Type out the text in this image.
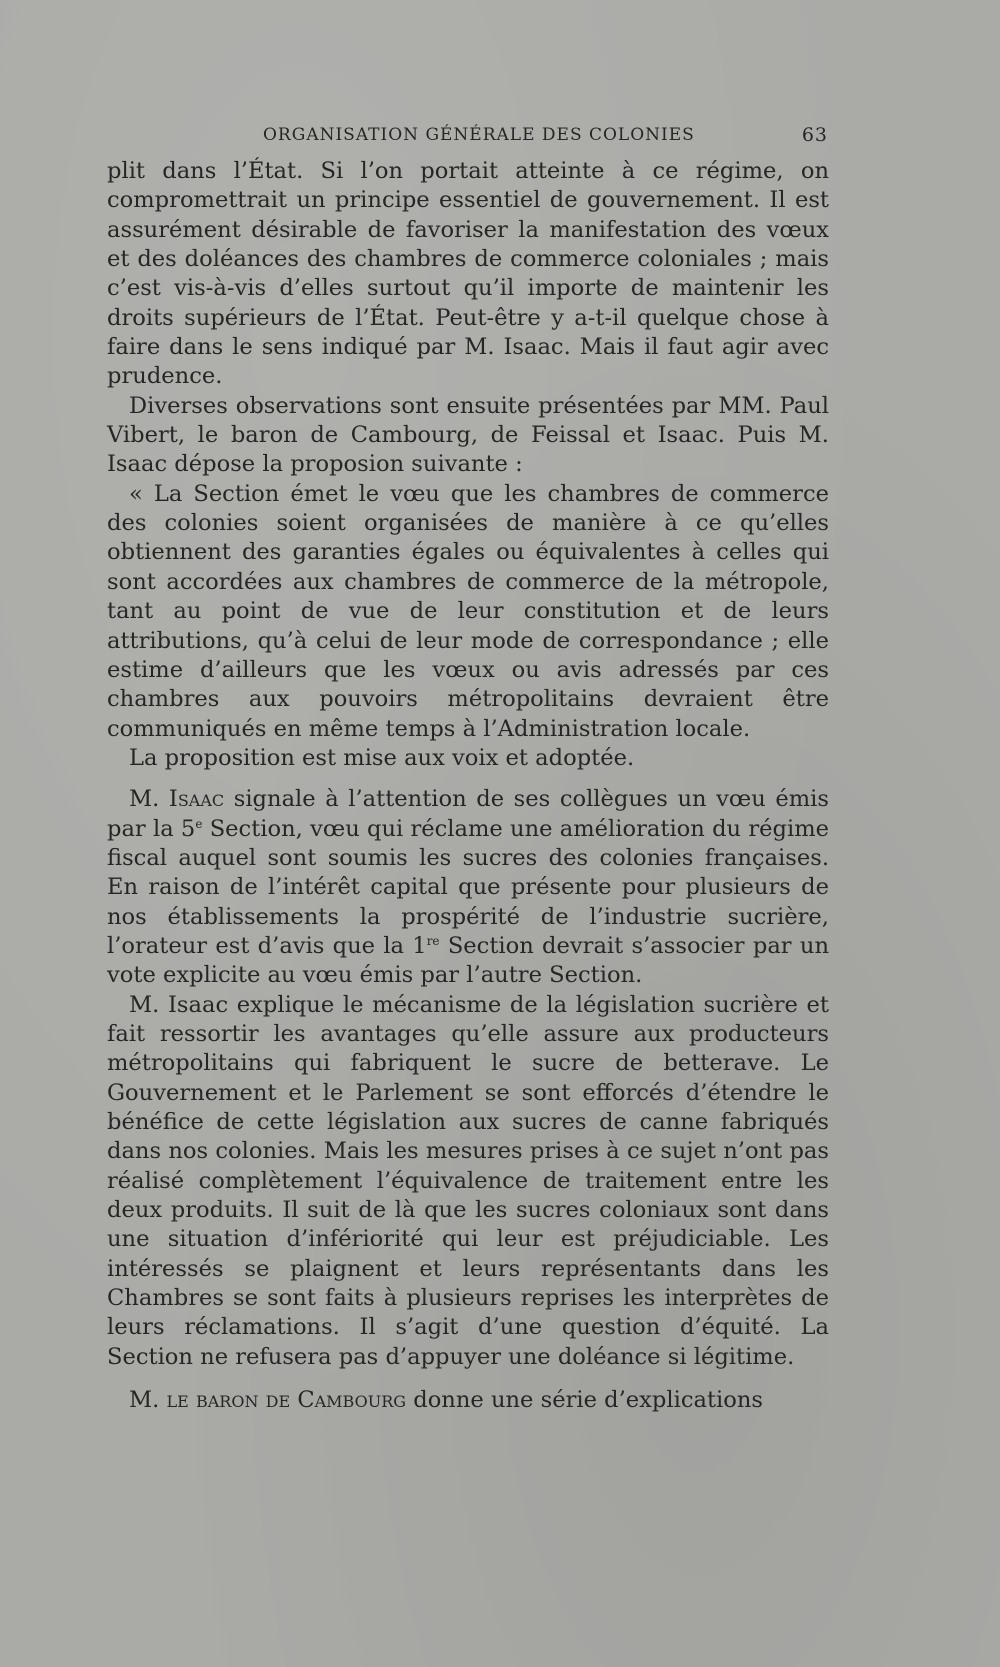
ORGANISATION GÉNÉRALE DES COLONIES	63

plit dans l’État. Si l’on portait atteinte à ce régime, on compromettrait un principe essentiel de gouvernement. Il est assurément désirable de favoriser la manifestation des vœux et des doléances des chambres de commerce coloniales ; mais c’est vis-à-vis d’elles surtout qu’il importe de maintenir les droits supérieurs de l’État. Peut-être y a-t-il quelque chose à faire dans le sens indiqué par M. Isaac. Mais il faut agir avec prudence.

Diverses observations sont ensuite présentées par MM. Paul Vibert, le baron de Cambourg, de Feissal et Isaac. Puis M. Isaac dépose la proposion suivante :

« La Section émet le vœu que les chambres de commerce des colonies soient organisées de manière à ce qu’elles obtiennent des garanties égales ou équivalentes à celles qui sont accordées aux chambres de commerce de la métropole, tant au point de vue de leur constitution et de leurs attributions, qu’à celui de leur mode de correspondance ; elle estime d’ailleurs que les vœux ou avis adressés par ces chambres aux pouvoirs métropolitains devraient être communiqués en même temps à l’Administration locale.

La proposition est mise aux voix et adoptée.

M. Isaac signale à l’attention de ses collègues un vœu émis par la 5e Section, vœu qui réclame une amélioration du régime fiscal auquel sont soumis les sucres des colonies françaises. En raison de l’intérêt capital que présente pour plusieurs de nos établissements la prospérité de l’industrie sucrière, l’orateur est d’avis que la 1re Section devrait s’associer par un vote explicite au vœu émis par l’autre Section.

M. Isaac explique le mécanisme de la législation sucrière et fait ressortir les avantages qu’elle assure aux producteurs métropolitains qui fabriquent le sucre de betterave. Le Gouvernement et le Parlement se sont efforcés d’étendre le bénéfice de cette législation aux sucres de canne fabriqués dans nos colonies. Mais les mesures prises à ce sujet n’ont pas réalisé complètement l’équivalence de traitement entre les deux produits. Il suit de là que les sucres coloniaux sont dans une situation d’infériorité qui leur est préjudiciable. Les intéressés se plaignent et leurs représentants dans les Chambres se sont faits à plusieurs reprises les interprètes de leurs réclamations. Il s’agit d’une question d’équité. La Section ne refusera pas d’appuyer une doléance si légitime.

M. le baron de Cambourg donne une série d’explications
